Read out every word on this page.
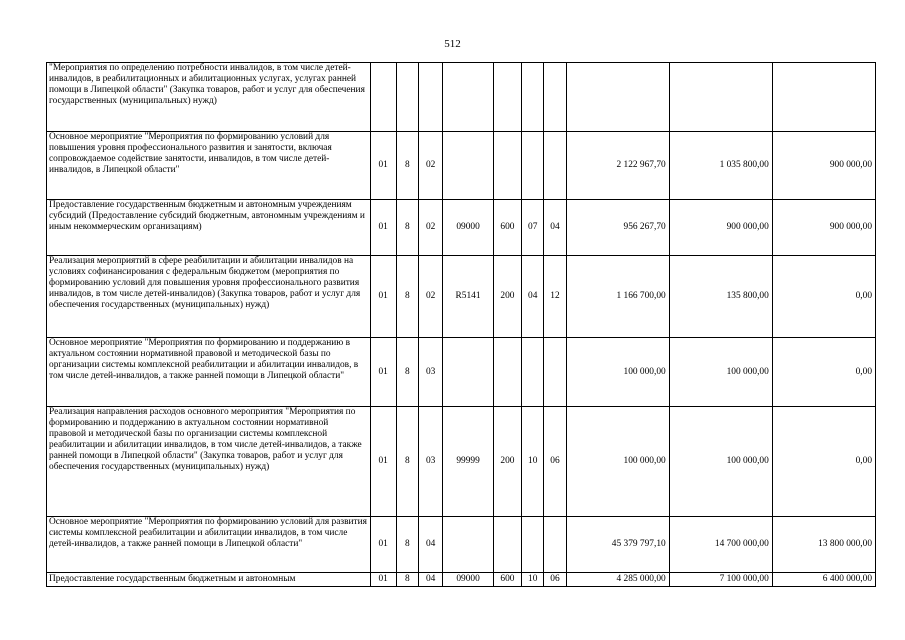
512
"Мероприятия по определению потребности инвалидов, в том числе детей-инвалидов, в реабилитационных и абилитационных услугах, услугах ранней помощи в Липецкой области" (Закупка товаров, работ и услуг для обеспечения государственных (муниципальных) нужд)										
Основное мероприятие "Мероприятия по формированию условий для повышения уровня профессионального развития и занятости, включая сопровождаемое содействие занятости, инвалидов, в том числе детей-инвалидов, в Липецкой области"	01	8	02					2 122 967,70	1 035 800,00	900 000,00
Предоставление государственным бюджетным и автономным учреждениям субсидий (Предоставление субсидий бюджетным, автономным учреждениям и иным некоммерческим организациям)	01	8	02	09000	600	07	04	956 267,70	900 000,00	900 000,00
Реализация мероприятий в сфере реабилитации и абилитации инвалидов на условиях софинансирования с федеральным бюджетом (мероприятия по формированию условий для повышения уровня профессионального развития инвалидов, в том числе детей-инвалидов) (Закупка товаров, работ и услуг для обеспечения государственных (муниципальных) нужд)	01	8	02	R5141	200	04	12	1 166 700,00	135 800,00	0,00
Основное мероприятие "Мероприятия по формированию и поддержанию в актуальном состоянии нормативной правовой и методической базы по организации системы комплексной реабилитации и абилитации инвалидов, в том числе детей-инвалидов, а также ранней помощи в Липецкой области"	01	8	03					100 000,00	100 000,00	0,00
Реализация направления расходов основного мероприятия "Мероприятия по формированию и поддержанию в актуальном состоянии нормативной правовой и методической базы по организации системы комплексной реабилитации и абилитации инвалидов, в том числе детей-инвалидов, а также ранней помощи в Липецкой области" (Закупка товаров, работ и услуг для обеспечения государственных (муниципальных) нужд)	01	8	03	99999	200	10	06	100 000,00	100 000,00	0,00
Основное мероприятие "Мероприятия по формированию условий для развития системы комплексной реабилитации и абилитации инвалидов, в том числе детей-инвалидов, а также ранней помощи в Липецкой области"	01	8	04					45 379 797,10	14 700 000,00	13 800 000,00
Предоставление государственным бюджетным и автономным	01	8	04	09000	600	10	06	4 285 000,00	7 100 000,00	6 400 000,00
